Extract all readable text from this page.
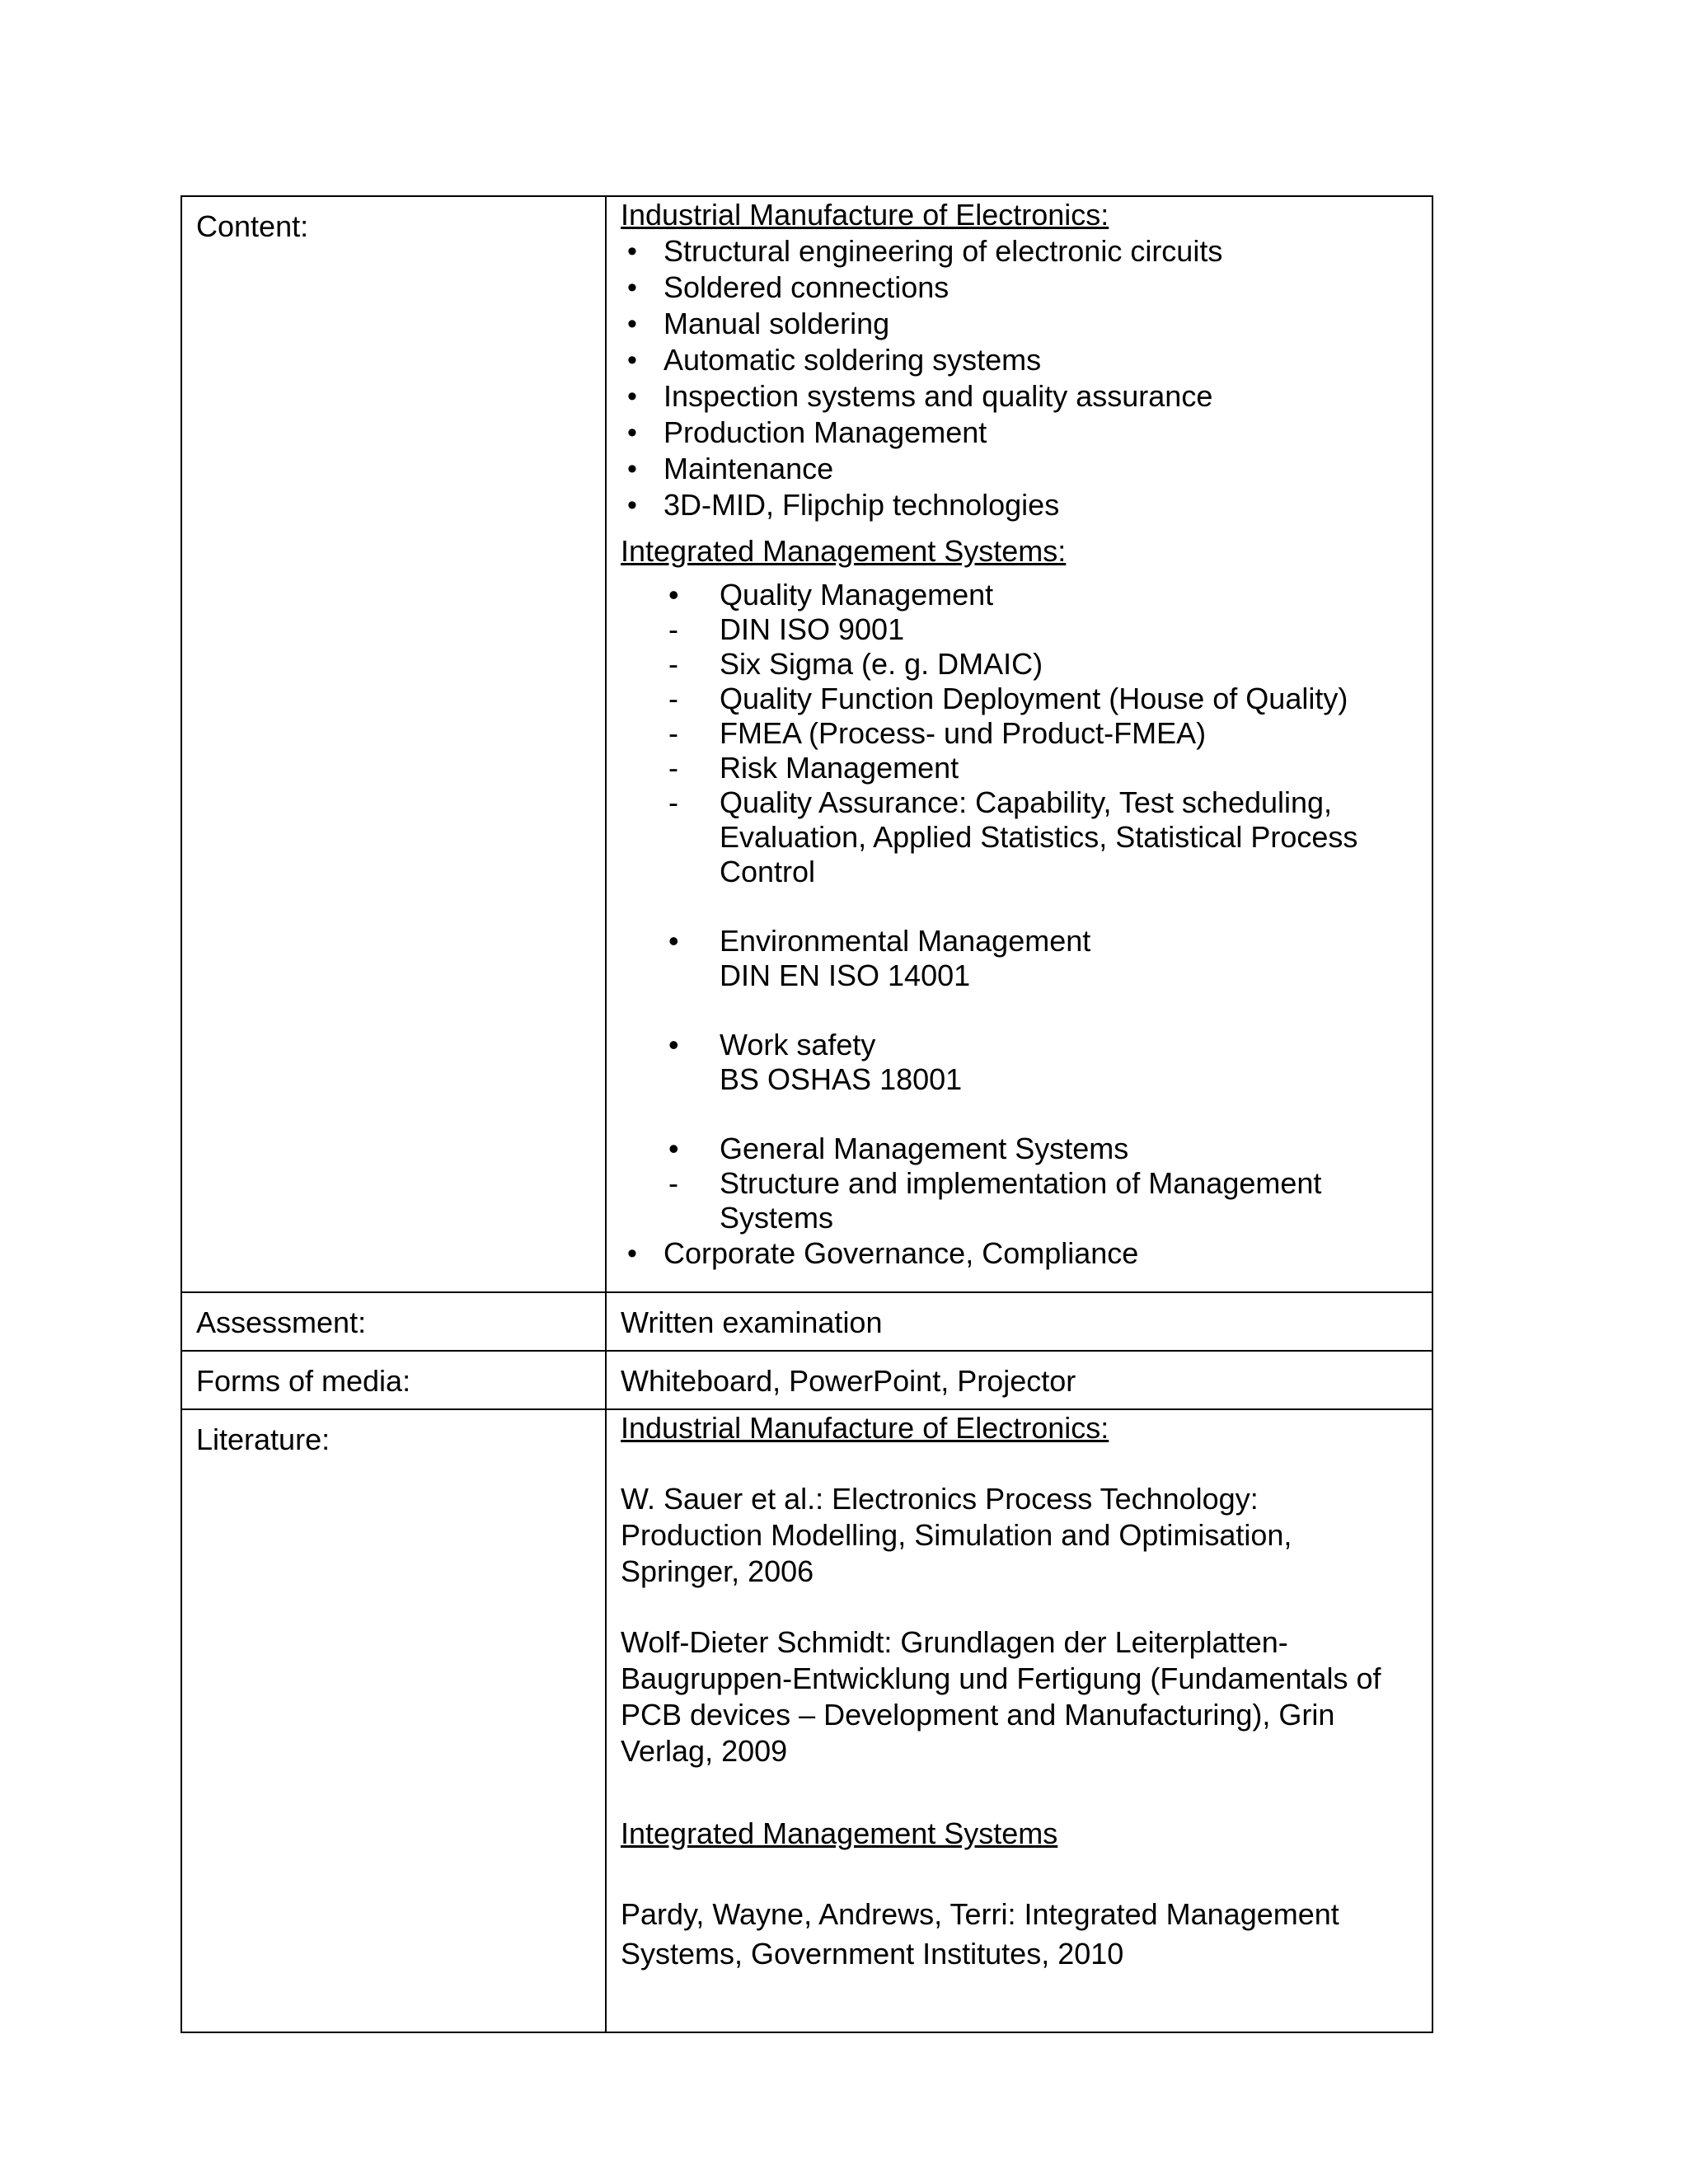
Content:	Industrial Manufacture of Electronics:
• Structural engineering of electronic circuits
• Soldered connections
• Manual soldering
• Automatic soldering systems
• Inspection systems and quality assurance
• Production Management
• Maintenance
• 3D-MID, Flipchip technologies
Integrated Management Systems:
• Quality Management
- DIN ISO 9001
- Six Sigma (e. g. DMAIC)
- Quality Function Deployment (House of Quality)
- FMEA (Process- und Product-FMEA)
- Risk Management
- Quality Assurance: Capability, Test scheduling,
Evaluation, Applied Statistics, Statistical Process
Control
• Environmental Management
DIN EN ISO 14001
• Work safety
BS OSHAS 18001
• General Management Systems
- Structure and implementation of Management
Systems
• Corporate Governance, Compliance
Assessment:	Written examination
Forms of media:	Whiteboard, PowerPoint, Projector
Literature:	Industrial Manufacture of Electronics:

W. Sauer et al.: Electronics Process Technology:
Production Modelling, Simulation and Optimisation,
Springer, 2006

Wolf-Dieter Schmidt: Grundlagen der Leiterplatten-
Baugruppen-Entwicklung und Fertigung (Fundamentals of
PCB devices – Development and Manufacturing), Grin
Verlag, 2009

Integrated Management Systems

Pardy, Wayne, Andrews, Terri: Integrated Management
Systems, Government Institutes, 2010
